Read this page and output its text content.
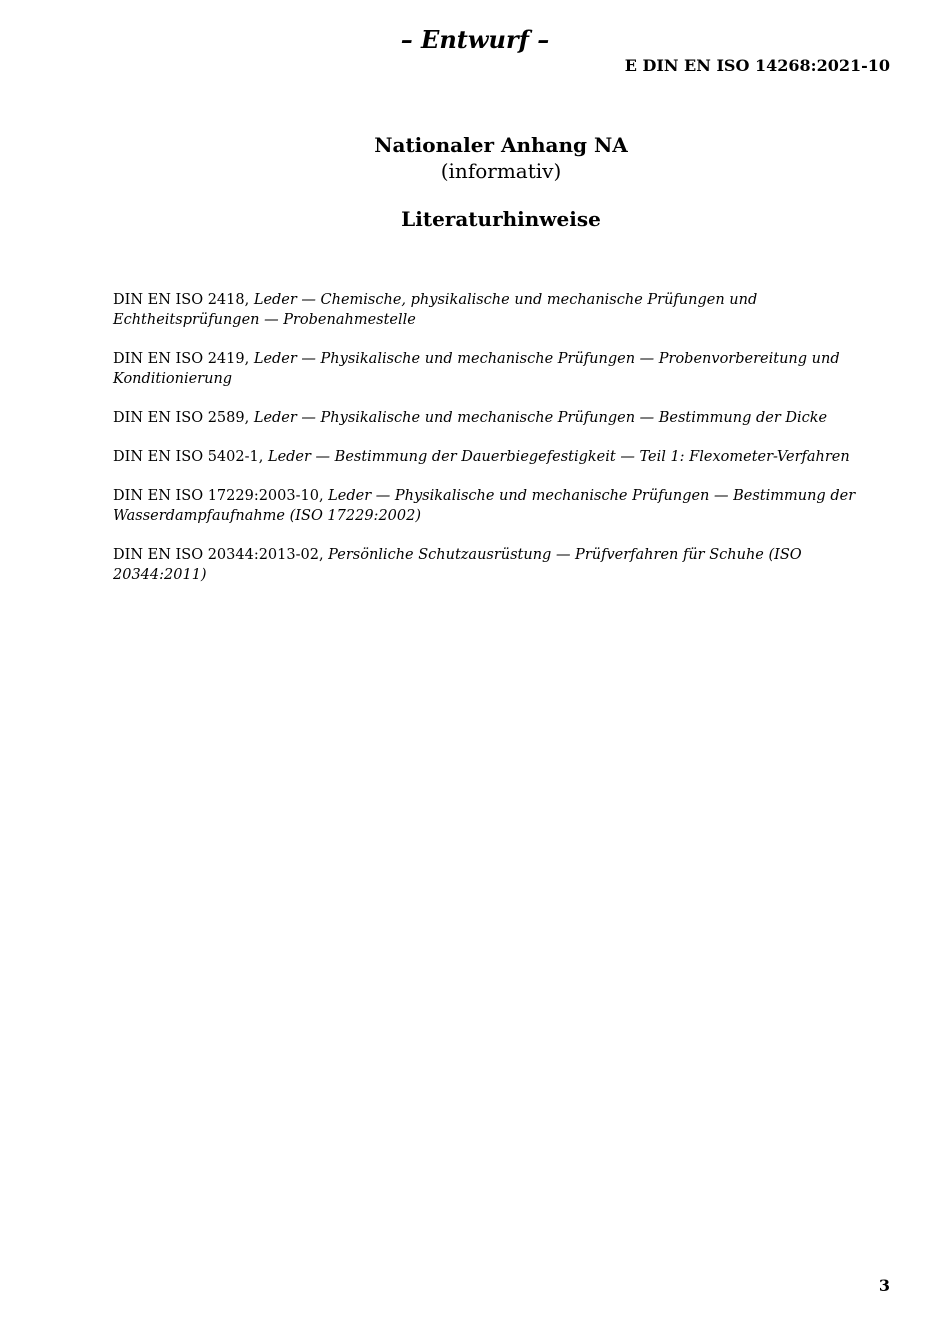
– Entwurf –
E DIN EN ISO 14268:2021-10
Nationaler Anhang NA
(informativ)
Literaturhinweise
DIN EN ISO 2418, Leder — Chemische, physikalische und mechanische Prüfungen und Echtheitsprüfungen — Probenahmestelle
DIN EN ISO 2419, Leder — Physikalische und mechanische Prüfungen — Probenvorbereitung und Konditionierung
DIN EN ISO 2589, Leder — Physikalische und mechanische Prüfungen — Bestimmung der Dicke
DIN EN ISO 5402-1, Leder — Bestimmung der Dauerbiegefestigkeit — Teil 1: Flexometer-Verfahren
DIN EN ISO 17229:2003-10, Leder — Physikalische und mechanische Prüfungen — Bestimmung der Wasserdampfaufnahme (ISO 17229:2002)
DIN EN ISO 20344:2013-02, Persönliche Schutzausrüstung — Prüfverfahren für Schuhe (ISO 20344:2011)
3
